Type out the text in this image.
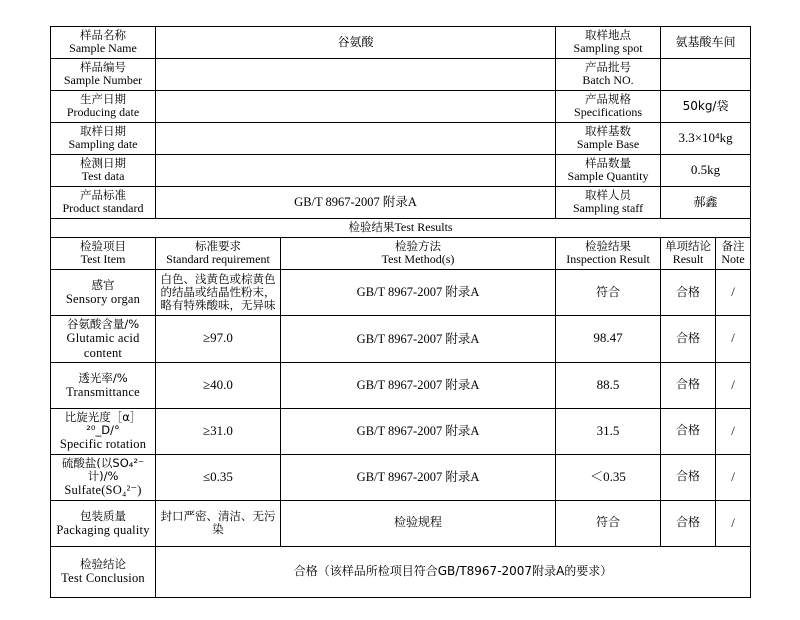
样品名称
Sample Name	谷氨酸		取样地点
Sampling spot	氨基酸车间	

样品编号
Sample Number			产品批号
Batch NO.		

生产日期
Producing date			产品规格
Specifications	50kg/袋	

取样日期
Sampling date			取样基数
Sample Base	3.3×10⁴kg	

检测日期
Test data			样品数量
Sample Quantity	0.5kg	

产品标准
Product standard	GB/T 8967-2007 附录A		取样人员
Sampling staff	郝鑫	
检验结果Test Results					

检验项目
Test Item	标准要求
Standard requirement	检验方法
Test Method(s)	检验结果
Inspection Result	单项结论
Result	备注
Note

感官
Sensory organ	白色、浅黄色或棕黄色的结晶或结晶性粉末，略有特殊酸味，无异味	GB/T 8967-2007 附录A	符合	合格	/

谷氨酸含量/%
Glutamic acid content	≥97.0	GB/T 8967-2007 附录A	98.47	合格	/

透光率/%
Transmittance	≥40.0	GB/T 8967-2007 附录A	88.5	合格	/

比旋光度［α］²⁰_D/°
Specific rotation	≥31.0	GB/T 8967-2007 附录A	31.5	合格	/

硫酸盐(以SO₄²⁻计)/%
Sulfate(SO₄²⁻)	≤0.35	GB/T 8967-2007 附录A	＜0.35	合格	/

包装质量
Packaging quality	封口严密、清洁、无污染	检验规程	符合	合格	/

检验结论
Test Conclusion	合格（该样品所检项目符合GB/T8967-2007附录A的要求）				
